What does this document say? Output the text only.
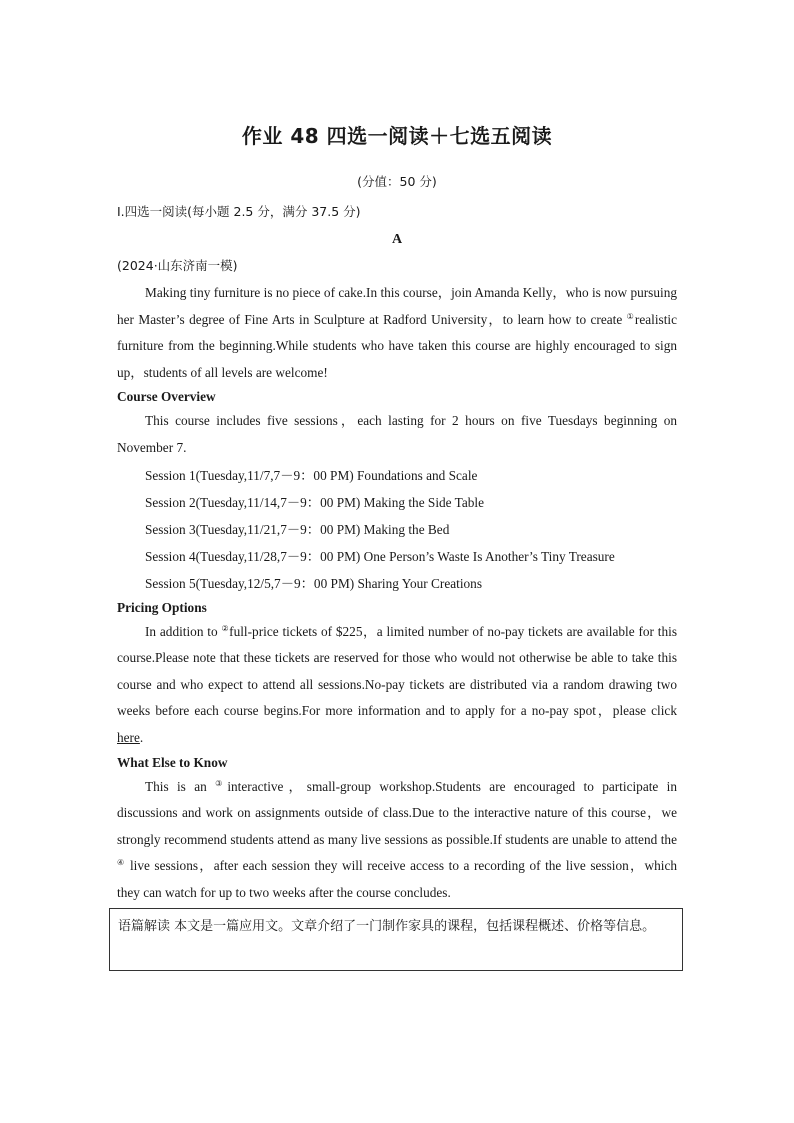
作业 48 四选一阅读＋七选五阅读
(分值：50 分)
Ⅰ.四选一阅读(每小题 2.5 分，满分 37.5 分)
A
(2024·山东济南一模)

Making tiny furniture is no piece of cake.In this course，join Amanda Kelly，who is now pursuing her Master’s degree of Fine Arts in Sculpture at Radford University，to learn how to create ①realistic furniture from the beginning.While students who have taken this course are highly encouraged to sign up，students of all levels are welcome!

Course Overview

This course includes five sessions，each lasting for 2 hours on five Tuesdays beginning on November 7.

Session 1(Tuesday,11/7,7－9：00 PM) Foundations and Scale

Session 2(Tuesday,11/14,7－9：00 PM) Making the Side Table

Session 3(Tuesday,11/21,7－9：00 PM) Making the Bed

Session 4(Tuesday,11/28,7－9：00 PM) One Person’s Waste Is Another’s Tiny Treasure

Session 5(Tuesday,12/5,7－9：00 PM) Sharing Your Creations

Pricing Options

In addition to ②full-price tickets of $225，a limited number of no-pay tickets are available for this course.Please note that these tickets are reserved for those who would not otherwise be able to take this course and who expect to attend all sessions.No-pay tickets are distributed via a random drawing two weeks before each course begins.For more information and to apply for a no-pay spot，please click here.

What Else to Know

This is an ③interactive，small-group workshop.Students are encouraged to participate in discussions and work on assignments outside of class.Due to the interactive nature of this course，we strongly recommend students attend as many live sessions as possible.If students are unable to attend the ④ live sessions，after each session they will receive access to a recording of the live session，which they can watch for up to two weeks after the course concludes.

语篇解读 本文是一篇应用文。文章介绍了一门制作家具的课程，包括课程概述、价格等信息。
